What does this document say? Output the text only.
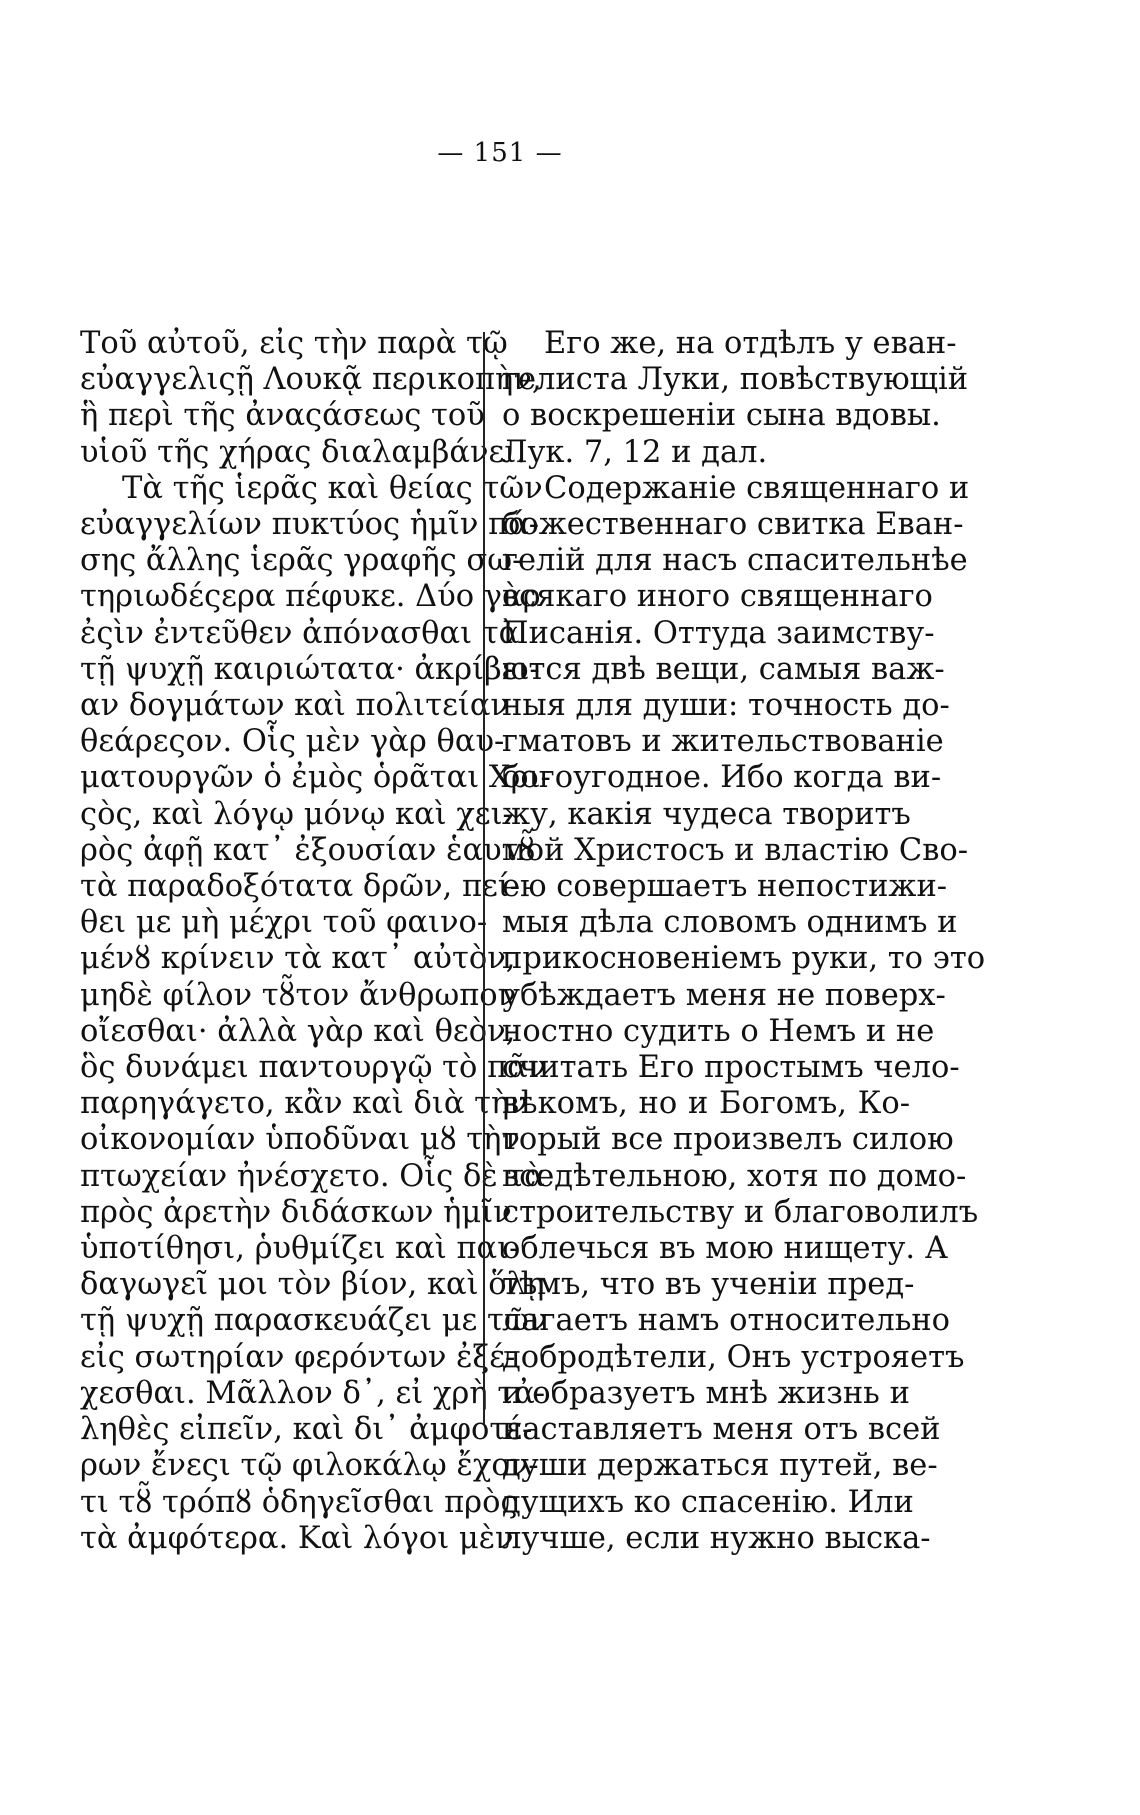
— 151 —
Τοῦ αὐτοῦ, εἰς τὴν παρὰ τῷ
εὐαγγελιςῇ Λουκᾷ περικοπὴν,
ἣ περὶ τῆς ἀναςάσεως τοῦ
υἱοῦ τῆς χήρας διαλαμβάνει.
Τὰ τῆς ἱερᾶς καὶ θείας τῶν
εὐαγγελίων πυκτύος ἡμῖν πά-
σης ἄλλης ἱερᾶς γραφῆς σω-
τηριωδέςερα πέφυκε. Δύο γὰρ
ἐςὶν ἐντεῦθεν ἀπόνασθαι τὰ
τῇ ψυχῇ καιριώτατα· ἀκρίβει-
αν δογμάτων καὶ πολιτείαν
θεάρεςον. Οἷς μὲν γὰρ θαυ-
ματουργῶν ὁ ἐμὸς ὁρᾶται Χρι-
ςὸς, καὶ λόγῳ μόνῳ καὶ χει-
ρὸς ἀφῇ κατ᾽ ἐξουσίαν ἑαυτȣ̃
τὰ παραδοξότατα δρῶν, πεί-
θει με μὴ μέχρι τοῦ φαινο-
μένȣ κρίνειν τὰ κατ᾽ αὐτὸν,
μηδὲ φίλον τȣ̃τον ἄνθρωπον
οἴεσθαι· ἀλλὰ γὰρ καὶ θεὸν,
ὃς δυνάμει παντουργῷ τὸ πᾶν
παρηγάγετο, κἂν καὶ διὰ τὴν
οἰκονομίαν ὑποδῦναι μȣ τὴν
πτωχείαν ἠνέσχετο. Οἷς δὲ τὰ
πρὸς ἀρετὴν διδάσκων ἡμῖν
ὑποτίθησι, ῥυθμίζει καὶ παι-
δαγωγεῖ μοι τὸν βίον, καὶ ὅλῃ
τῇ ψυχῇ παρασκευάζει με τῶν
εἰς σωτηρίαν φερόντων ἐξέ-
χεσθαι. Μᾶλλον δ᾽, εἰ χρὴ τἀ-
ληθὲς εἰπεῖν, καὶ δι᾽ ἀμφοτέ-
ρων ἔνεςι τῷ φιλοκάλῳ ἔχον-
τι τȣ̃ τρόπȣ ὁδηγεῖσθαι πρὸς
τὰ ἀμφότερα. Καὶ λόγοι μὲν
Его же, на отдѣлъ у еван-
гелиста Луки, повѣствующій
о воскрешеніи сына вдовы.
Лук. 7, 12 и дал.
Содержаніе священнаго и
божественнаго свитка Еван-
гелій для насъ спасительнѣе
всякаго иного священнаго
Писанія. Оттуда заимству-
ются двѣ вещи, самыя важ-
ныя для души: точность до-
гматовъ и жительствованіе
богоугодное. Ибо когда ви-
жу, какія чудеса творитъ
мой Христосъ и властію Сво-
ею совершаетъ непостижи-
мыя дѣла словомъ однимъ и
прикосновеніемъ руки, то это
убѣждаетъ меня не поверх-
ностно судить о Немъ и не
считать Его простымъ чело-
вѣкомъ, но и Богомъ, Ко-
торый все произвелъ силою
вседѣтельною, хотя по домо-
строительству и благоволилъ
облечься въ мою нищету. А
тѣмъ, что въ ученіи пред-
лагаетъ намъ относительно
добродѣтели, Онъ устрояетъ
и образуетъ мнѣ жизнь и
наставляетъ меня отъ всей
души держаться путей, ве-
дущихъ ко спасенію. Или
лучше, если нужно выска-
